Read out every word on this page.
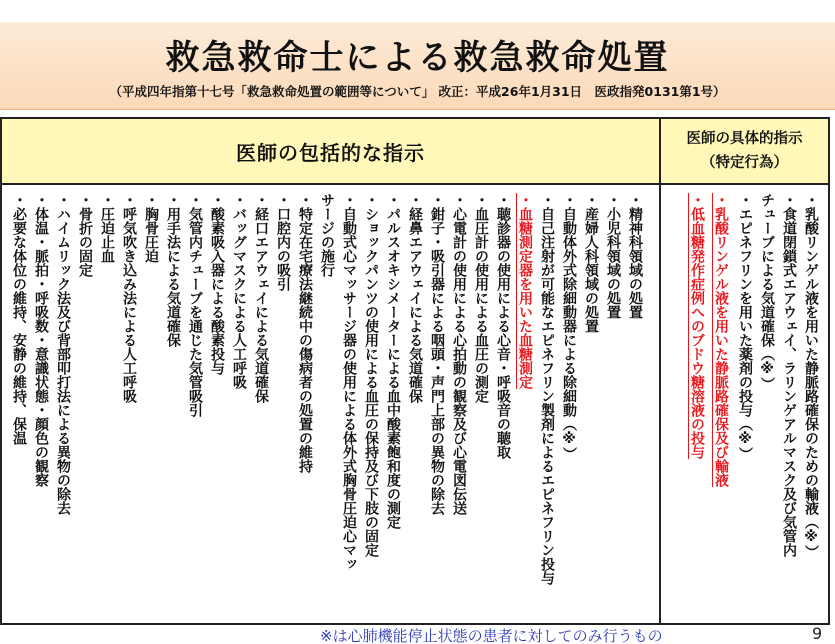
救急救命士による救急救命処置
（平成四年指第十七号「救急救命処置の範囲等について」 改正：平成26年1月31日　医政指発0131第1号）
医師の包括的な指示
医師の具体的指示
（特定行為）
・乳酸リンゲル液を用いた静脈路確保のための輸液（※）
・食道閉鎖式エアウェイ、ラリンゲアルマスク及び気管内
チューブによる気道確保（※）
・エピネフリンを用いた薬剤の投与（※）
・乳酸リンゲル液を用いた静脈路確保及び輸液
・低血糖発作症例へのブドウ糖溶液の投与
・精神科領域の処置
・小児科領域の処置
・産婦人科領域の処置
・自動体外式除細動器による除細動（※）
・自己注射が可能なエピネフリン製剤によるエピネフリン投与
・血糖測定器を用いた血糖測定
・聴診器の使用による心音・呼吸音の聴取
・血圧計の使用による血圧の測定
・心電計の使用による心拍動の観察及び心電図伝送
・鉗子・吸引器による咽頭・声門上部の異物の除去
・経鼻エアウェイによる気道確保
・パルスオキシメーターによる血中酸素飽和度の測定
・ショックパンツの使用による血圧の保持及び下肢の固定
・自動式心マッサージ器の使用による体外式胸骨圧迫心マッ
サージの施行
・特定在宅療法継続中の傷病者の処置の維持
・口腔内の吸引
・経口エアウェイによる気道確保
・バッグマスクによる人工呼吸
・酸素吸入器による酸素投与
・気管内チューブを通じた気管吸引
・用手法による気道確保
・胸骨圧迫
・呼気吹き込み法による人工呼吸
・圧迫止血
・骨折の固定
・ハイムリック法及び背部叩打法による異物の除去
・体温・脈拍・呼吸数・意識状態・顔色の観察
・必要な体位の維持、安静の維持、保温
※は心肺機能停止状態の患者に対してのみ行うもの	9
